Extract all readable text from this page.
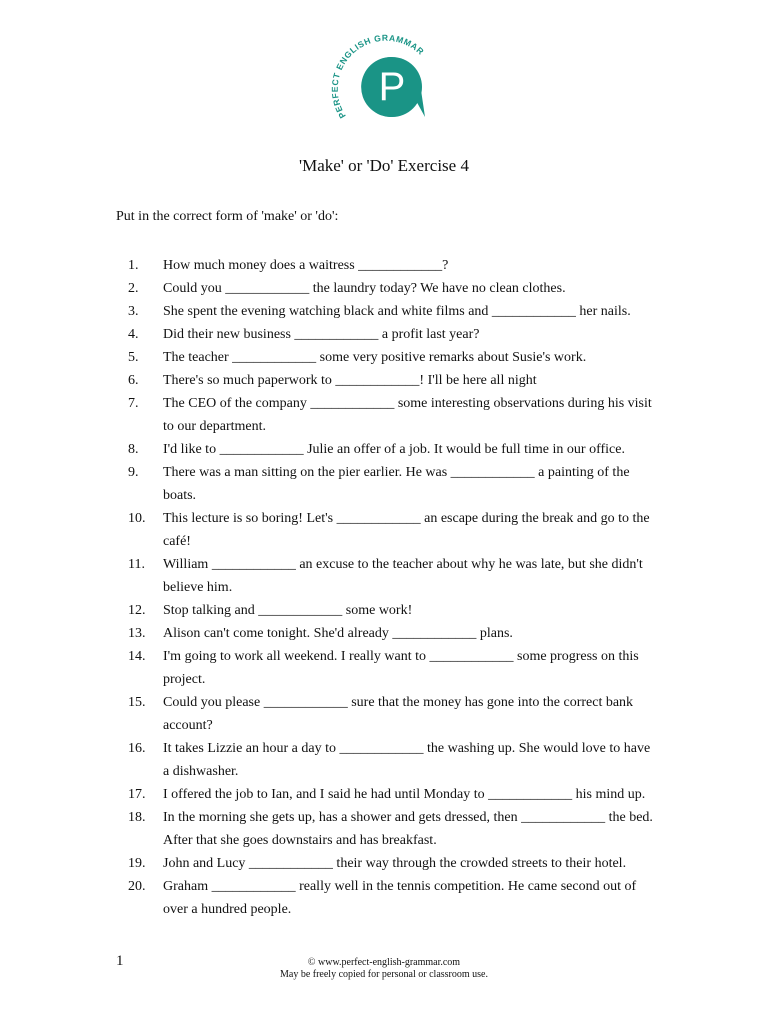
PERFECT ENGLISH GRAMMAR
P
'Make' or 'Do' Exercise 4
Put in the correct form of 'make' or 'do':
1.	How much money does a waitress ____________?
2.	Could you ____________ the laundry today? We have no clean clothes.
3.	She spent the evening watching black and white films and ____________ her nails.
4.	Did their new business ____________ a profit last year?
5.	The teacher ____________ some very positive remarks about Susie's work.
6.	There's so much paperwork to ____________! I'll be here all night
7.	The CEO of the company ____________ some interesting observations during his visit to our department.
8.	I'd like to ____________ Julie an offer of a job. It would be full time in our office.
9.	There was a man sitting on the pier earlier. He was ____________ a painting of the boats.
10.	This lecture is so boring! Let's ____________ an escape during the break and go to the café!
11.	William ____________ an excuse to the teacher about why he was late, but she didn't believe him.
12.	Stop talking and ____________ some work!
13.	Alison can't come tonight. She'd already ____________ plans.
14.	I'm going to work all weekend. I really want to ____________ some progress on this project.
15.	Could you please ____________ sure that the money has gone into the correct bank account?
16.	It takes Lizzie an hour a day to ____________ the washing up. She would love to have a dishwasher.
17.	I offered the job to Ian, and I said he had until Monday to ____________ his mind up.
18.	In the morning she gets up, has a shower and gets dressed, then ____________ the bed. After that she goes downstairs and has breakfast.
19.	John and Lucy ____________ their way through the crowded streets to their hotel.
20.	Graham ____________ really well in the tennis competition. He came second out of over a hundred people.
1	© www.perfect-english-grammar.com
May be freely copied for personal or classroom use.
